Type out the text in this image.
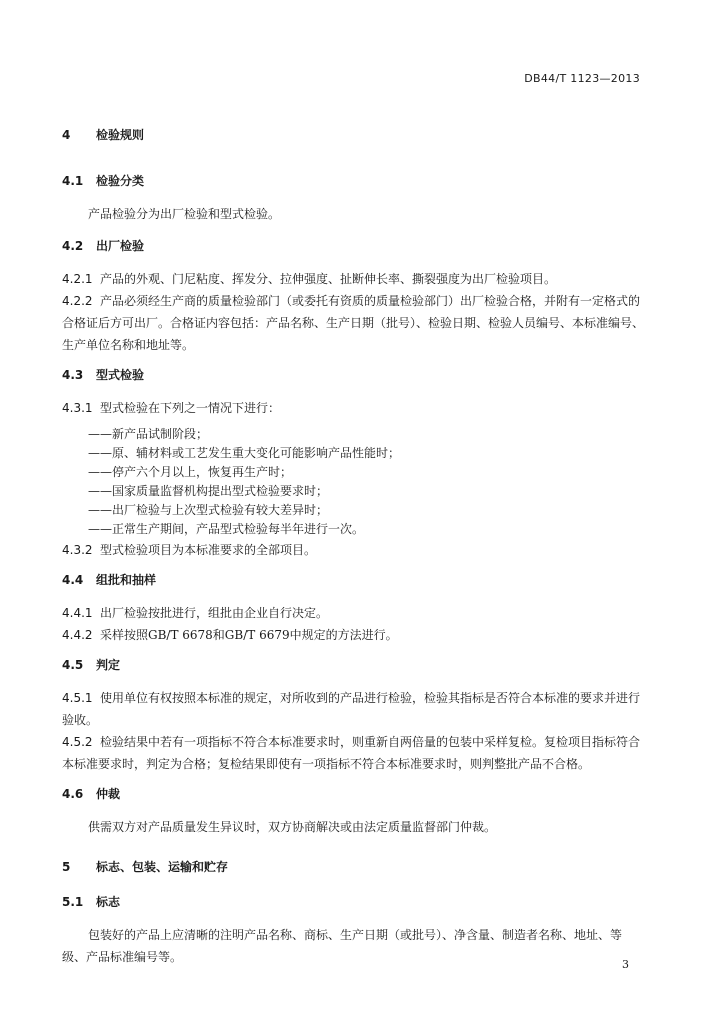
DB44/T 1123—2013
4 检验规则
4.1 检验分类

产品检验分为出厂检验和型式检验。

4.2 出厂检验

4.2.1 产品的外观、门尼粘度、挥发分、拉伸强度、扯断伸长率、撕裂强度为出厂检验项目。

4.2.2 产品必须经生产商的质量检验部门（或委托有资质的质量检验部门）出厂检验合格，并附有一定格式的合格证后方可出厂。合格证内容包括：产品名称、生产日期（批号）、检验日期、检验人员编号、本标准编号、生产单位名称和地址等。

4.3 型式检验

4.3.1 型式检验在下列之一情况下进行：

——新产品试制阶段；
——原、辅材料或工艺发生重大变化可能影响产品性能时；
——停产六个月以上，恢复再生产时；
——国家质量监督机构提出型式检验要求时；
——出厂检验与上次型式检验有较大差异时；
——正常生产期间，产品型式检验每半年进行一次。

4.3.2 型式检验项目为本标准要求的全部项目。

4.4 组批和抽样

4.4.1 出厂检验按批进行，组批由企业自行决定。

4.4.2 采样按照GB/T 6678和GB/T 6679中规定的方法进行。

4.5 判定

4.5.1 使用单位有权按照本标准的规定，对所收到的产品进行检验，检验其指标是否符合本标准的要求并进行验收。

4.5.2 检验结果中若有一项指标不符合本标准要求时，则重新自两倍量的包装中采样复检。复检项目指标符合本标准要求时，判定为合格；复检结果即使有一项指标不符合本标准要求时，则判整批产品不合格。

4.6 仲裁

供需双方对产品质量发生异议时，双方协商解决或由法定质量监督部门仲裁。

5 标志、包装、运输和贮存
5.1 标志

包装好的产品上应清晰的注明产品名称、商标、生产日期（或批号）、净含量、制造者名称、地址、等级、产品标准编号等。

3
